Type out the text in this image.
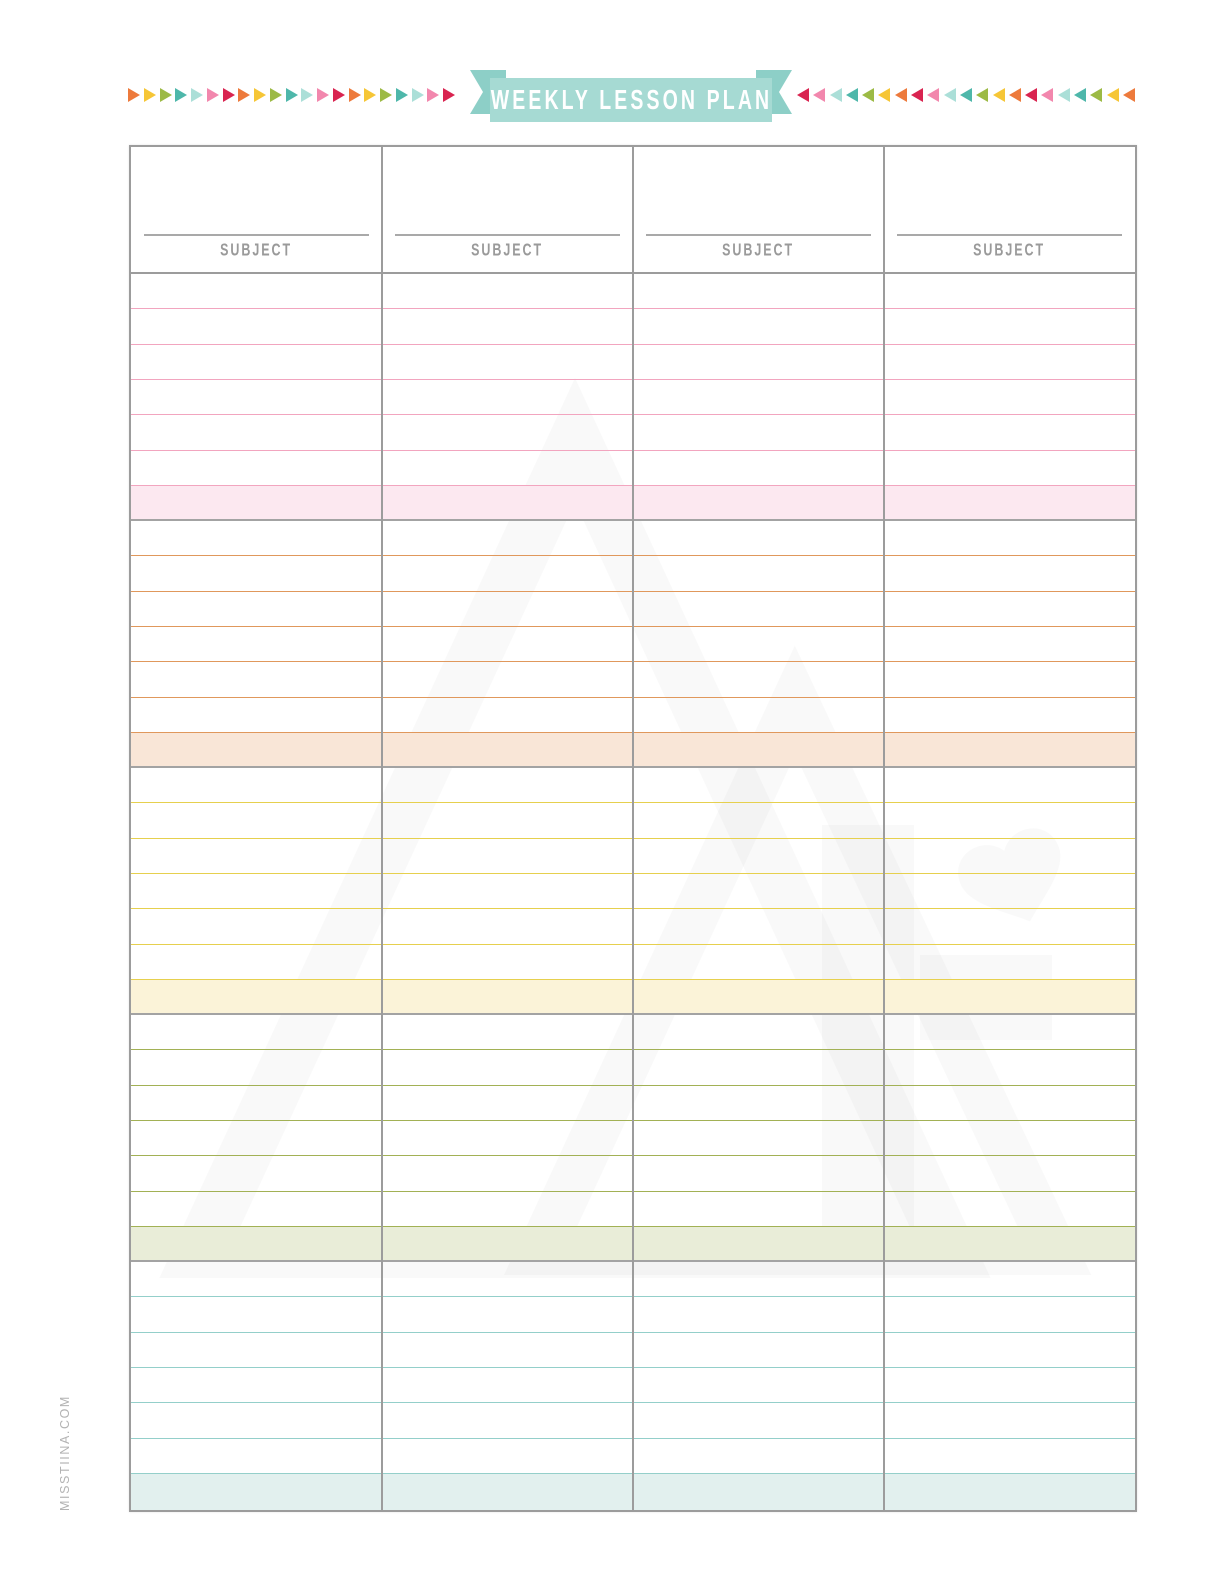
WEEKLY LESSON PLAN
SUBJECT	SUBJECT	SUBJECT	SUBJECT
MISSTIINA.COM
